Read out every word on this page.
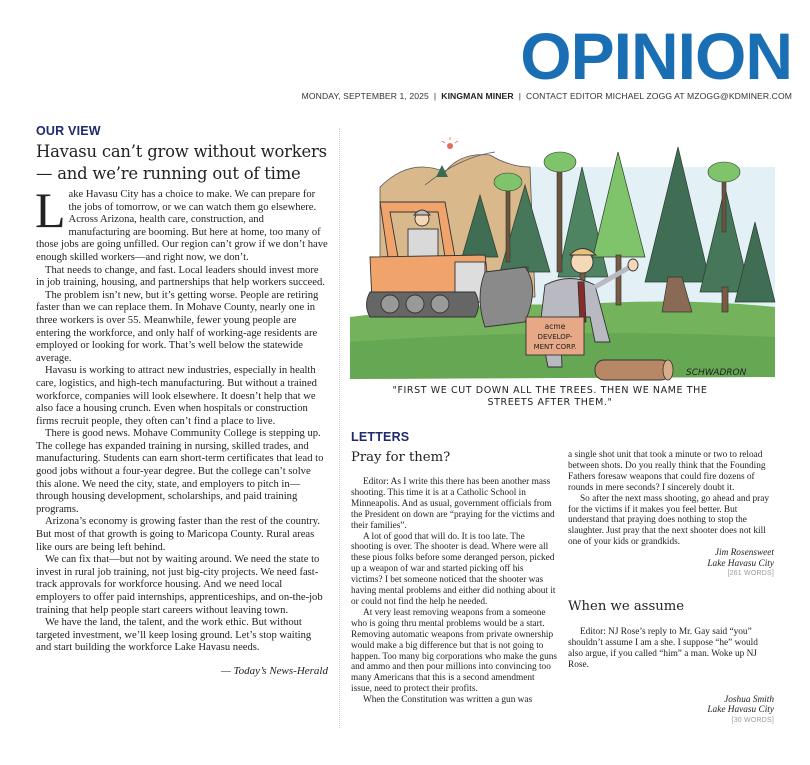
OPINION
MONDAY, SEPTEMBER 1, 2025 | KINGMAN MINER | CONTACT EDITOR MICHAEL ZOGG AT MZOGG@KDMINER.COM
OUR VIEW
Havasu can’t grow without workers — and we’re running out of time

Lake Havasu City has a choice to make. We can prepare for the jobs of tomorrow, or we can watch them go elsewhere. Across Arizona, health care, construction, and manufacturing are booming. But here at home, too many of those jobs are going unfilled. Our region can’t grow if we don’t have enough skilled workers—and right now, we don’t.

That needs to change, and fast. Local leaders should invest more in job training, housing, and partnerships that help workers succeed.

The problem isn’t new, but it’s getting worse. People are retiring faster than we can replace them. In Mohave County, nearly one in three workers is over 55. Meanwhile, fewer young people are entering the workforce, and only half of working-age residents are employed or looking for work. That’s well below the statewide average.

Havasu is working to attract new industries, especially in health care, logistics, and high-tech manufacturing. But without a trained workforce, companies will look elsewhere. It doesn’t help that we also face a housing crunch. Even when hospitals or construction firms recruit people, they often can’t find a place to live.

There is good news. Mohave Community College is stepping up. The college has expanded training in nursing, skilled trades, and manufacturing. Students can earn short-term certificates that lead to good jobs without a four-year degree. But the college can’t solve this alone. We need the city, state, and employers to pitch in—through housing development, scholarships, and paid training programs.

Arizona’s economy is growing faster than the rest of the country. But most of that growth is going to Maricopa County. Rural areas like ours are being left behind.

We can fix that—but not by waiting around. We need the state to invest in rural job training, not just big-city projects. We need fast-track approvals for workforce housing. And we need local employers to offer paid internships, apprenticeships, and on-the-job training that help people start careers without leaving town.

We have the land, the talent, and the work ethic. But without targeted investment, we’ll keep losing ground. Let’s stop waiting and start building the workforce Lake Havasu needs.

— Today’s News-Herald
acme
DEVELOP-
MENT CORP.
SCHWADRON
"FIRST WE CUT DOWN ALL THE TREES. THEN WE NAME THE
STREETS AFTER THEM."
LETTERS
Pray for them?

Editor: As I write this there has been another mass shooting. This time it is at a Catholic School in Minneapolis. And as usual, government officials from the President on down are “praying for the victims and their families”.

A lot of good that will do. It is too late. The shooting is over. The shooter is dead. Where were all these pious folks before some deranged person, picked up a weapon of war and started picking off his victims? I bet someone noticed that the shooter was having mental problems and either did nothing about it or could not find the help he needed.

At very least removing weapons from a someone who is going thru mental problems would be a start. Removing automatic weapons from private ownership would make a big difference but that is not going to happen. Too many big corporations who make the guns and ammo and then pour millions into convincing too many Americans that this is a second amendment issue, need to protect their profits.

When the Constitution was written a gun was

a single shot unit that took a minute or two to reload between shots. Do you really think that the Founding Fathers foresaw weapons that could fire dozens of rounds in mere seconds? I sincerely doubt it.

So after the next mass shooting, go ahead and pray for the victims if it makes you feel better. But understand that praying does nothing to stop the slaughter. Just pray that the next shooter does not kill one of your kids or grandkids.

Jim Rosensweet
Lake Havasu City
[261 WORDS]
When we assume

Editor: NJ Rose’s reply to Mr. Gay said “you” shouldn’t assume I am a she. I suppose “he” would also argue, if you called “him” a man. Woke up NJ Rose.

Joshua Smith
Lake Havasu City
[30 WORDS]
